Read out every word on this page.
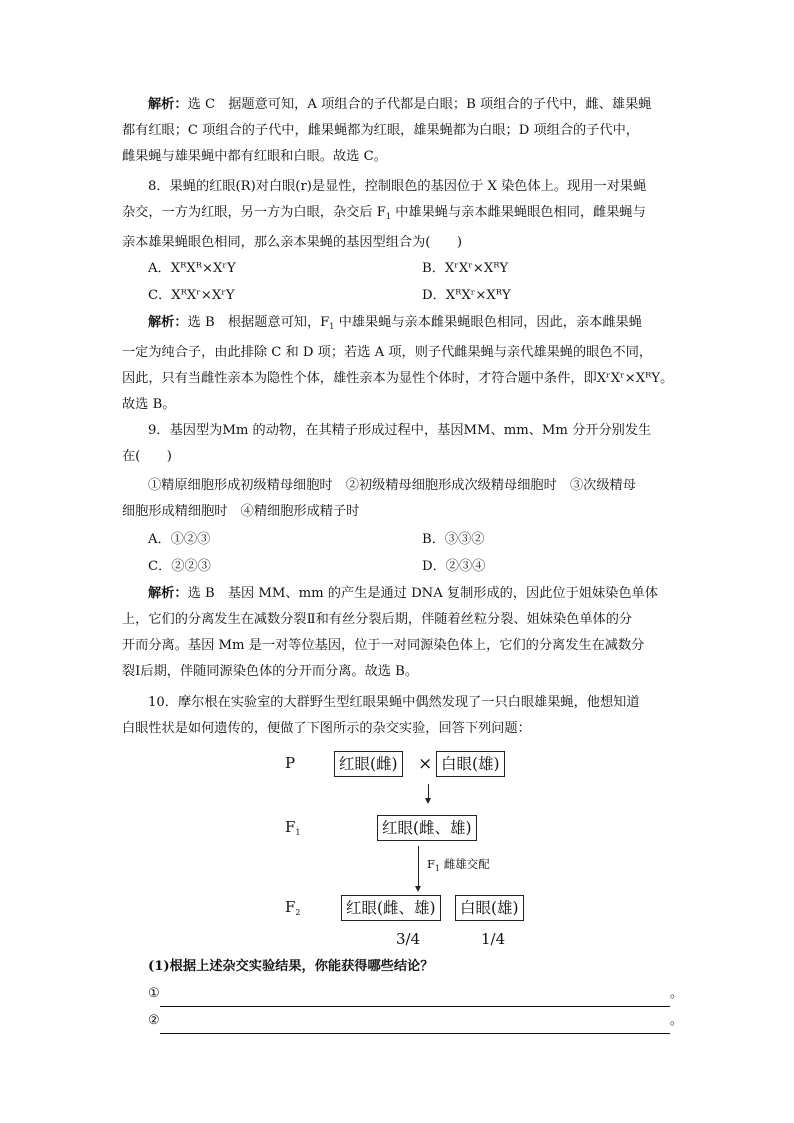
解析：选 C　据题意可知，A 项组合的子代都是白眼；B 项组合的子代中，雌、雄果蝇
都有红眼；C 项组合的子代中，雌果蝇都为红眼，雄果蝇都为白眼；D 项组合的子代中，
雌果蝇与雄果蝇中都有红眼和白眼。故选 C。
8．果蝇的红眼(R)对白眼(r)是显性，控制眼色的基因位于 X 染色体上。现用一对果蝇
杂交，一方为红眼，另一方为白眼，杂交后 $F_1$ 中雄果蝇与亲本雌果蝇眼色相同，雌果蝇与
亲本雄果蝇眼色相同，那么亲本果蝇的基因型组合为(　　)
A．XᴿXᴿ×XʳY	B．XʳXʳ×XᴿY
C．XᴿXʳ×XʳY	D．XᴿXʳ×XᴿY
解析：选 B　根据题意可知，$F_1$ 中雄果蝇与亲本雌果蝇眼色相同，因此，亲本雌果蝇
一定为纯合子，由此排除 C 和 D 项；若选 A 项，则子代雌果蝇与亲代雄果蝇的眼色不同，
因此，只有当雌性亲本为隐性个体，雄性亲本为显性个体时，才符合题中条件，即XʳXʳ×XᴿY。
故选 B。
9．基因型为Mm 的动物，在其精子形成过程中，基因MM、mm、Mm 分开分别发生
在(　　)
①精原细胞形成初级精母细胞时　②初级精母细胞形成次级精母细胞时　③次级精母
细胞形成精细胞时　④精细胞形成精子时
A．①②③	B．③③②
C．②②③	D．②③④
解析：选 B　基因 MM、mm 的产生是通过 DNA 复制形成的，因此位于姐妹染色单体
上，它们的分离发生在减数分裂Ⅱ和有丝分裂后期，伴随着丝粒分裂、姐妹染色单体的分
开而分离。基因 Mm 是一对等位基因，位于一对同源染色体上，它们的分离发生在减数分
裂Ⅰ后期，伴随同源染色体的分开而分离。故选 B。
10．摩尔根在实验室的大群野生型红眼果蝇中偶然发现了一只白眼雄果蝇，他想知道
白眼性状是如何遗传的，便做了下图所示的杂交实验，回答下列问题：
P	红眼(雌) × 白眼(雄)
$F_1$	红眼(雌、雄)
$F_1$ 雌雄交配
$F_2$	红眼(雌、雄)	白眼(雄)
3/4	1/4
(1)根据上述杂交实验结果，你能获得哪些结论？
①	。
②	。
